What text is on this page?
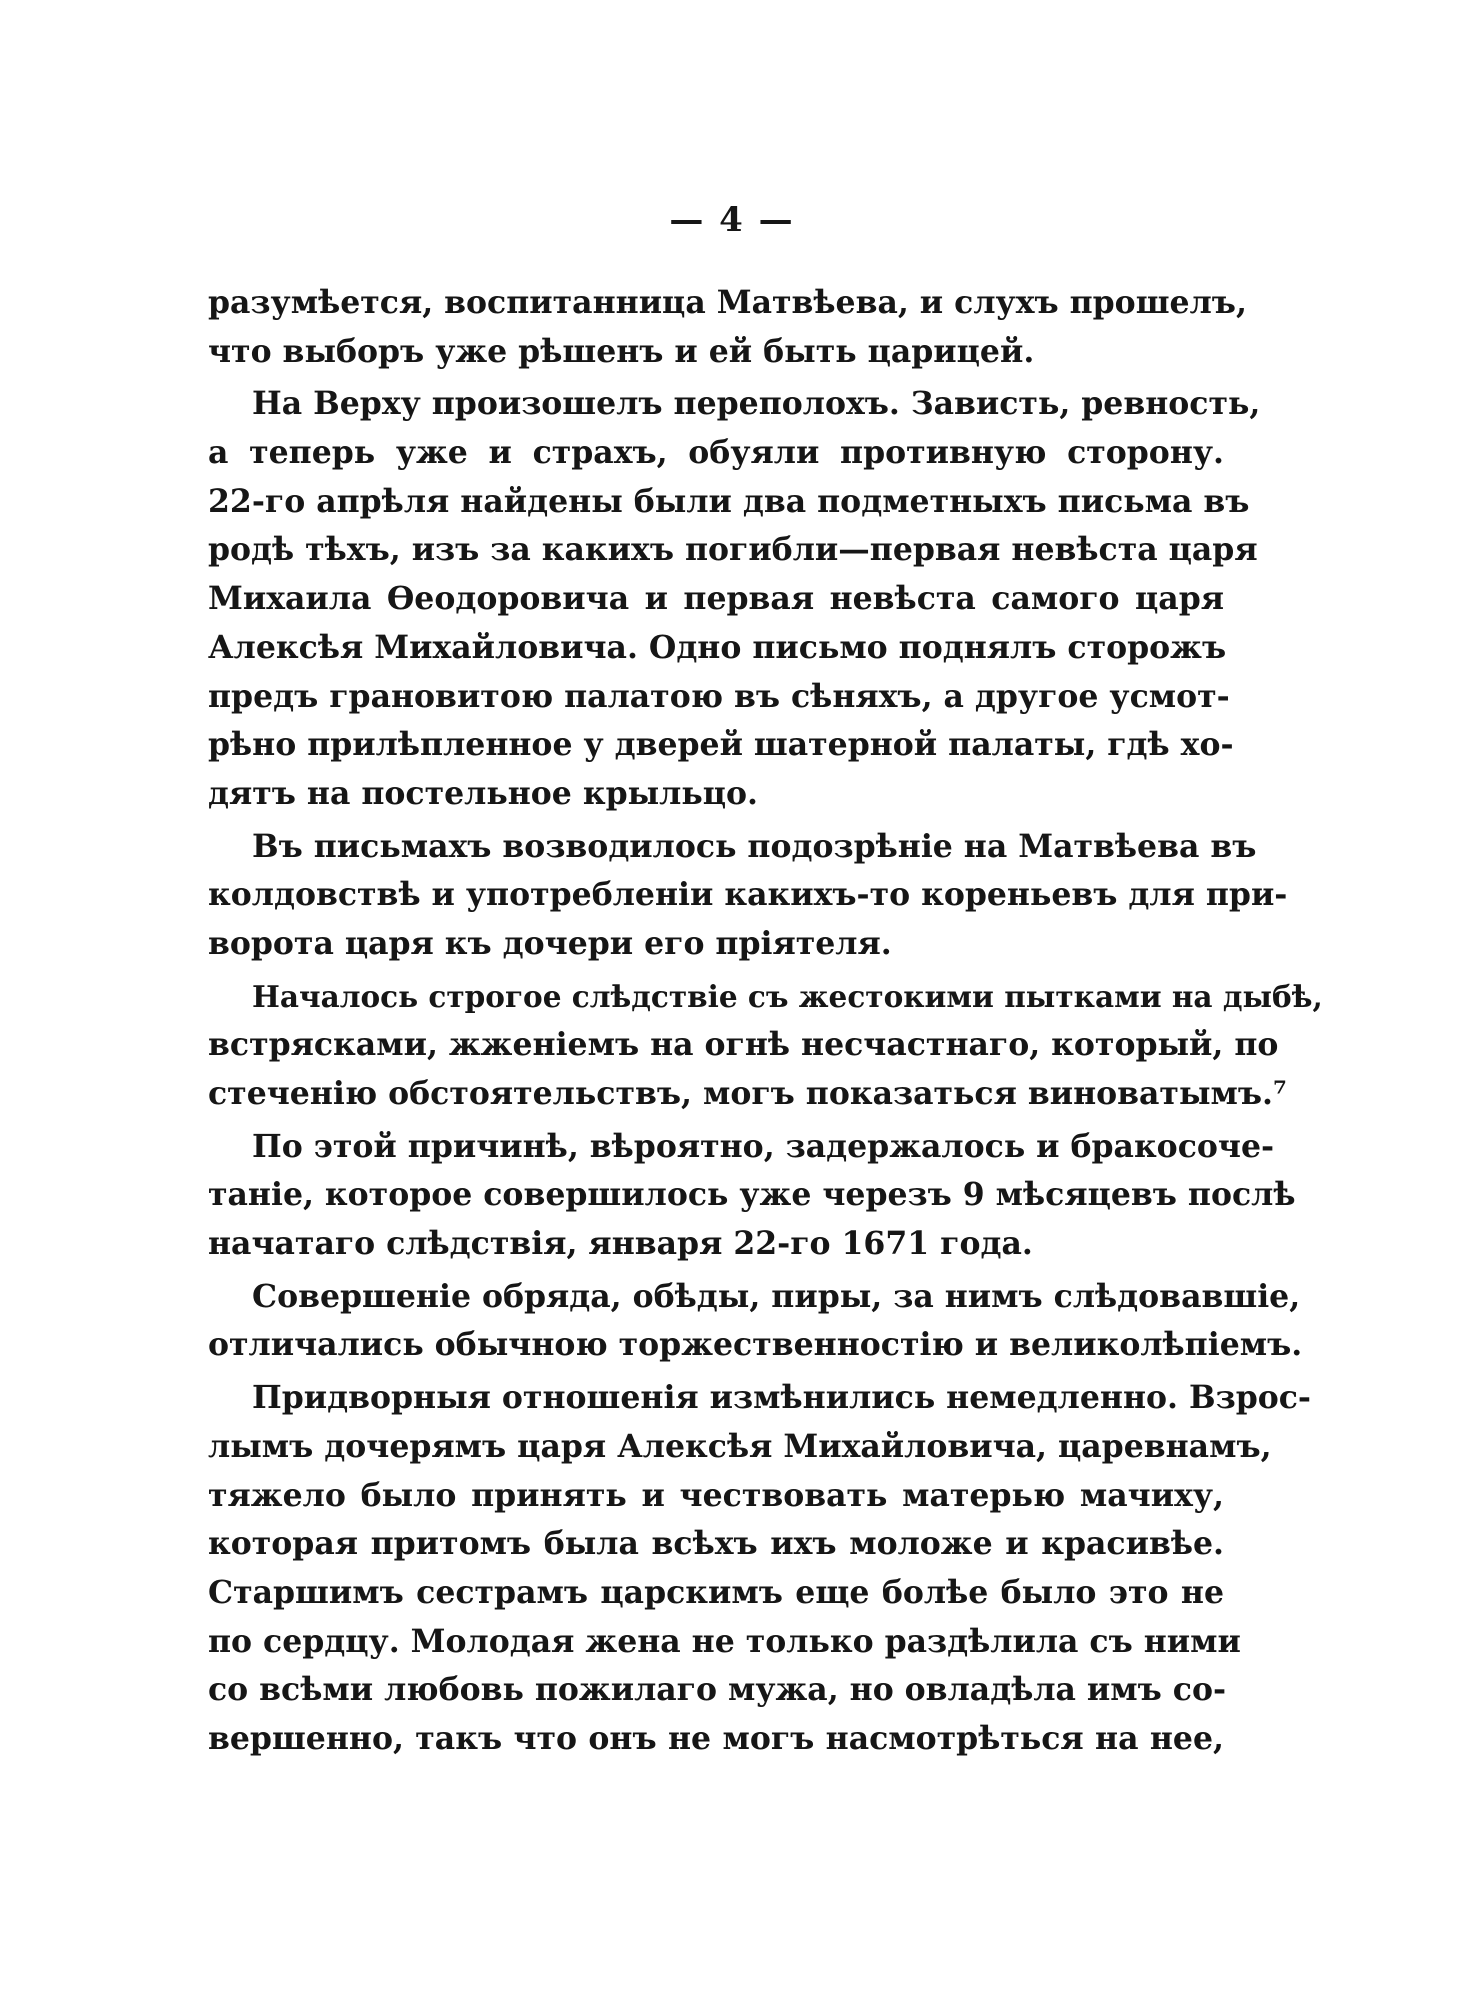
— 4 —
разумѣется, воспитанница Матвѣева, и слухъ прошелъ,
что выборъ уже рѣшенъ и ей быть царицей.
На Верху произошелъ переполохъ. Зависть, ревность,
а теперь уже и страхъ, обуяли противную сторону.
22-го апрѣля найдены были два подметныхъ письма въ
родѣ тѣхъ, изъ за какихъ погибли—первая невѣста царя
Михаила Ѳеодоровича и первая невѣста самого царя
Алексѣя Михайловича. Одно письмо поднялъ сторожъ
предъ грановитою палатою въ сѣняхъ, а другое усмот-
рѣно прилѣпленное у дверей шатерной палаты, гдѣ хо-
дятъ на постельное крыльцо.
Въ письмахъ возводилось подозрѣніе на Матвѣева въ
колдовствѣ и употребленіи какихъ-то кореньевъ для при-
ворота царя къ дочери его пріятеля.
Началось строгое слѣдствіе съ жестокими пытками на дыбѣ,
встрясками, жженіемъ на огнѣ несчастнаго, который, по
стеченію обстоятельствъ, могъ показаться виноватымъ.⁷
По этой причинѣ, вѣроятно, задержалось и бракосоче-
таніе, которое совершилось уже черезъ 9 мѣсяцевъ послѣ
начатаго слѣдствія, января 22-го 1671 года.
Совершеніе обряда, обѣды, пиры, за нимъ слѣдовавшіе,
отличались обычною торжественностію и великолѣпіемъ.
Придворныя отношенія измѣнились немедленно. Взрос-
лымъ дочерямъ царя Алексѣя Михайловича, царевнамъ,
тяжело было принять и чествовать матерью мачиху,
которая притомъ была всѣхъ ихъ моложе и красивѣе.
Старшимъ сестрамъ царскимъ еще болѣе было это не
по сердцу. Молодая жена не только раздѣлила съ ними
со всѣми любовь пожилаго мужа, но овладѣла имъ со-
вершенно, такъ что онъ не могъ насмотрѣться на нее,
